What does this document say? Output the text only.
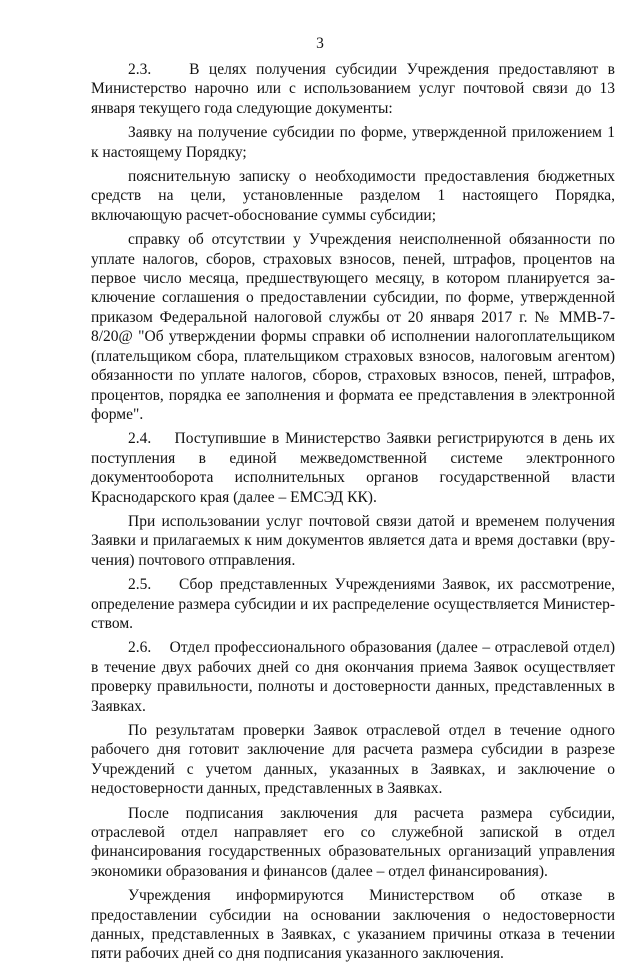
3

2.3.    В целях получения субсидии Учреждения предоставляют в Министерство нарочно или с использованием услуг почтовой связи до 13 января текущего года следующие документы:

Заявку на получение субсидии по форме, утвержденной приложением 1 к настоящему Порядку;

пояснительную записку о необходимости предоставления бюджетных средств на цели, установленные разделом 1 настоящего Порядка, включающую расчет-обоснование суммы субсидии;

справку об отсутствии у Учреждения неисполненной обязанности по уплате налогов, сборов, страховых взносов, пеней, штрафов, процентов на первое число месяца, предшествующего месяцу, в котором планируется заключение соглашения о предоставлении субсидии, по форме, утвержденной приказом Федеральной налоговой службы от 20 января 2017 г. № ММВ-7-8/20@ "Об утверждении формы справки об исполнении налогоплательщиком (плательщиком сбора, плательщиком страховых взносов, налоговым агентом) обязанности по уплате налогов, сборов, страховых взносов, пеней, штрафов, процентов, порядка ее заполнения и формата ее представления в электронной форме".

2.4.    Поступившие в Министерство Заявки регистрируются в день их поступления в единой межведомственной системе электронного документооборота исполнительных органов государственной власти Краснодарского края (далее – ЕМСЭД КК).

При использовании услуг почтовой связи датой и временем получения Заявки и прилагаемых к ним документов является дата и время доставки (вручения) почтового отправления.

2.5.    Сбор представленных Учреждениями Заявок, их рассмотрение, определение размера субсидии и их распределение осуществляется Министерством.

2.6.    Отдел профессионального образования (далее – отраслевой отдел) в течение двух рабочих дней со дня окончания приема Заявок осуществляет проверку правильности, полноты и достоверности данных, представленных в Заявках.

По результатам проверки Заявок отраслевой отдел в течение одного рабочего дня готовит заключение для расчета размера субсидии в разрезе Учреждений с учетом данных, указанных в Заявках, и заключение о недостоверности данных, представленных в Заявках.

После подписания заключения для расчета размера субсидии, отраслевой отдел направляет его со служебной запиской в отдел финансирования государственных образовательных организаций управления экономики образования и финансов (далее – отдел финансирования).

Учреждения информируются Министерством об отказе в предоставлении субсидии на основании заключения о недостоверности данных, представленных в Заявках, с указанием причины отказа в течении пяти рабочих дней со дня подписания указанного заключения.
